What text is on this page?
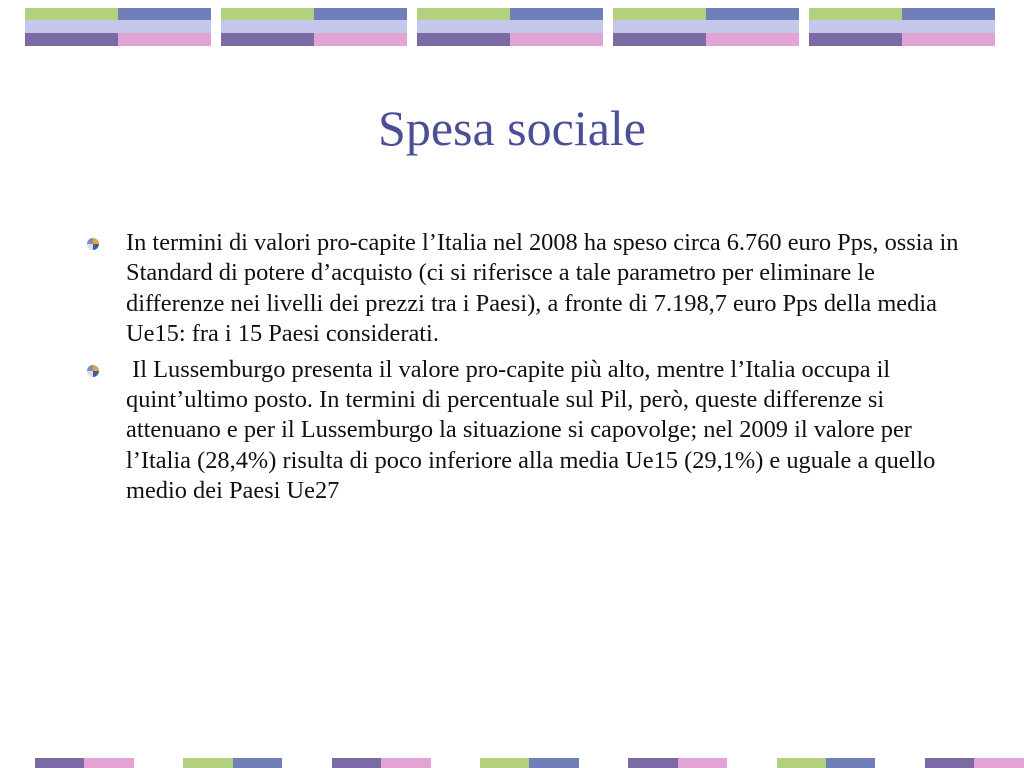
Spesa sociale
In termini di valori pro-capite l’Italia nel 2008 ha speso circa 6.760 euro Pps, ossia in Standard di potere d’acquisto (ci si riferisce a tale parametro per eliminare le differenze nei livelli dei prezzi tra i Paesi), a fronte di 7.198,7 euro Pps della media Ue15: fra i 15 Paesi considerati.
Il Lussemburgo presenta il valore pro-capite più alto, mentre l’Italia occupa il quint’ultimo posto. In termini di percentuale sul Pil, però, queste differenze si attenuano e per il Lussemburgo la situazione si capovolge; nel 2009 il valore per l’Italia (28,4%) risulta di poco inferiore alla media Ue15 (29,1%) e uguale a quello medio dei Paesi Ue27
